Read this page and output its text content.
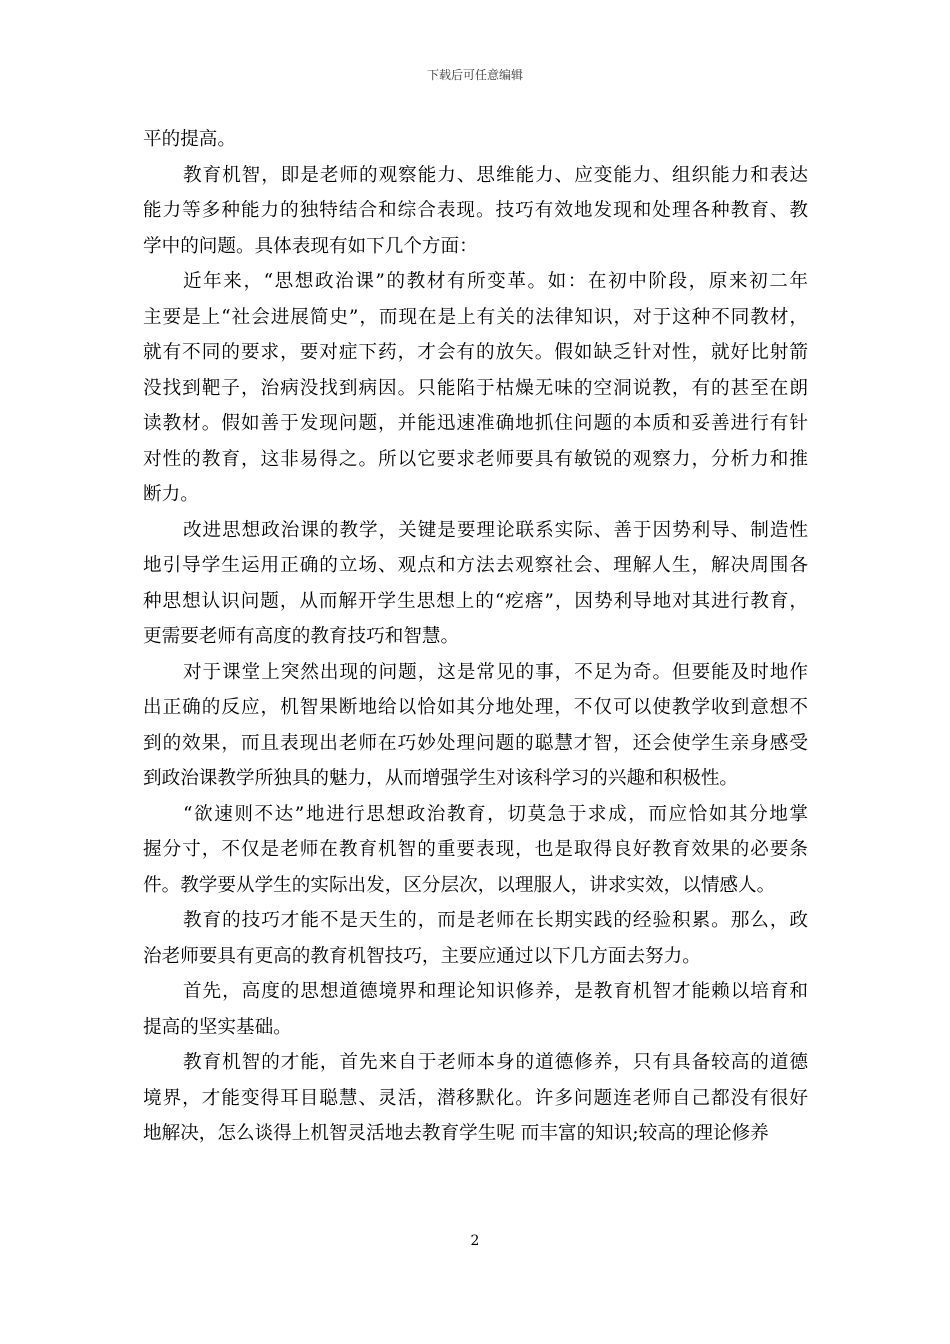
下载后可任意编辑
平的提高。
教育机智，即是老师的观察能力、思维能力、应变能力、组织能力和表达
能力等多种能力的独特结合和综合表现。技巧有效地发现和处理各种教育、教
学中的问题。具体表现有如下几个方面：
近年来，“思想政治课”的教材有所变革。如：在初中阶段，原来初二年
主要是上“社会进展简史”，而现在是上有关的法律知识，对于这种不同教材，
就有不同的要求，要对症下药，才会有的放矢。假如缺乏针对性，就好比射箭
没找到靶子，治病没找到病因。只能陷于枯燥无味的空洞说教，有的甚至在朗
读教材。假如善于发现问题，并能迅速准确地抓住问题的本质和妥善进行有针
对性的教育，这非易得之。所以它要求老师要具有敏锐的观察力，分析力和推
断力。
改进思想政治课的教学，关键是要理论联系实际、善于因势利导、制造性
地引导学生运用正确的立场、观点和方法去观察社会、理解人生，解决周围各
种思想认识问题，从而解开学生思想上的“疙瘩”，因势利导地对其进行教育，
更需要老师有高度的教育技巧和智慧。
对于课堂上突然出现的问题，这是常见的事，不足为奇。但要能及时地作
出正确的反应，机智果断地给以恰如其分地处理，不仅可以使教学收到意想不
到的效果，而且表现出老师在巧妙处理问题的聪慧才智，还会使学生亲身感受
到政治课教学所独具的魅力，从而增强学生对该科学习的兴趣和积极性。
“欲速则不达”地进行思想政治教育，切莫急于求成，而应恰如其分地掌
握分寸，不仅是老师在教育机智的重要表现，也是取得良好教育效果的必要条
件。教学要从学生的实际出发，区分层次，以理服人，讲求实效，以情感人。
教育的技巧才能不是天生的，而是老师在长期实践的经验积累。那么，政
治老师要具有更高的教育机智技巧，主要应通过以下几方面去努力。
首先，高度的思想道德境界和理论知识修养，是教育机智才能赖以培育和
提高的坚实基础。
教育机智的才能，首先来自于老师本身的道德修养，只有具备较高的道德
境界，才能变得耳目聪慧、灵活，潜移默化。许多问题连老师自己都没有很好
地解决，怎么谈得上机智灵活地去教育学生呢 而丰富的知识;较高的理论修养
2
